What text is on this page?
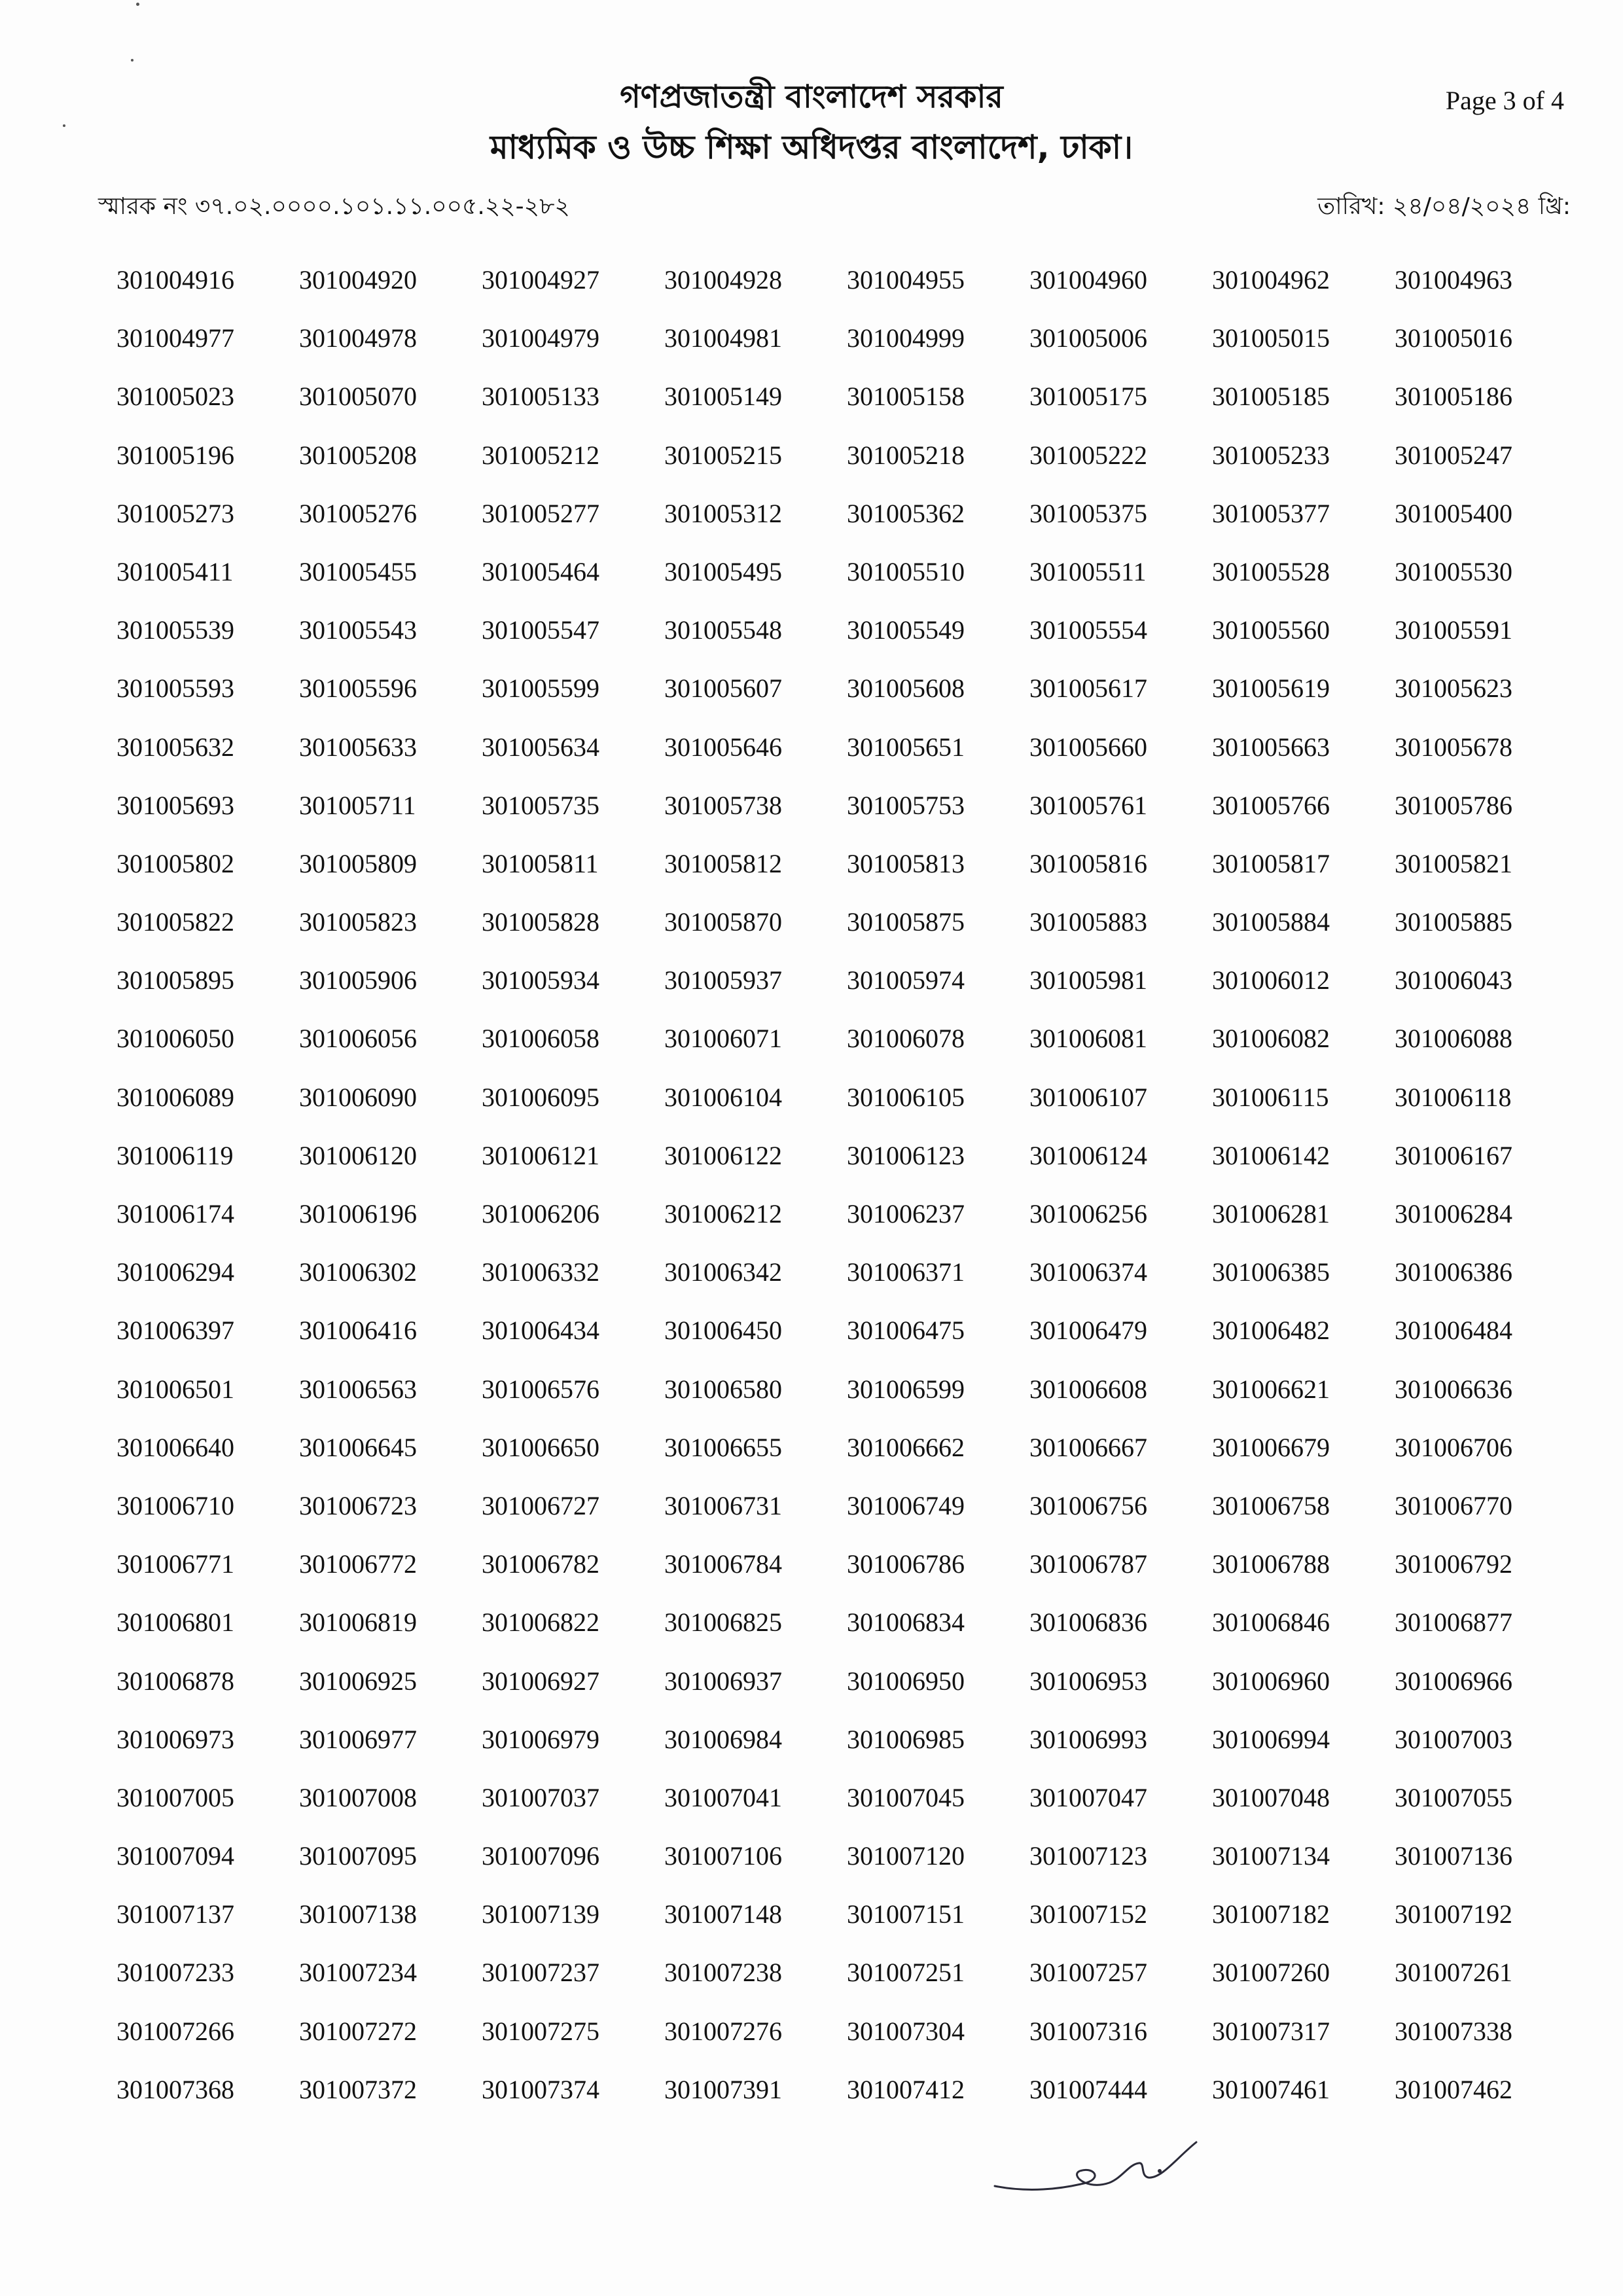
গণপ্রজাতন্ত্রী বাংলাদেশ সরকার
মাধ্যমিক ও উচ্চ শিক্ষা অধিদপ্তর বাংলাদেশ, ঢাকা।
Page 3 of 4
স্মারক নং ৩৭.০২.০০০০.১০১.১১.০০৫.২২-২৮২	তারিখ: ২৪/০৪/২০২৪ খ্রি:
301004916	301004920	301004927	301004928	301004955	301004960	301004962	301004963
301004977	301004978	301004979	301004981	301004999	301005006	301005015	301005016
301005023	301005070	301005133	301005149	301005158	301005175	301005185	301005186
301005196	301005208	301005212	301005215	301005218	301005222	301005233	301005247
301005273	301005276	301005277	301005312	301005362	301005375	301005377	301005400
301005411	301005455	301005464	301005495	301005510	301005511	301005528	301005530
301005539	301005543	301005547	301005548	301005549	301005554	301005560	301005591
301005593	301005596	301005599	301005607	301005608	301005617	301005619	301005623
301005632	301005633	301005634	301005646	301005651	301005660	301005663	301005678
301005693	301005711	301005735	301005738	301005753	301005761	301005766	301005786
301005802	301005809	301005811	301005812	301005813	301005816	301005817	301005821
301005822	301005823	301005828	301005870	301005875	301005883	301005884	301005885
301005895	301005906	301005934	301005937	301005974	301005981	301006012	301006043
301006050	301006056	301006058	301006071	301006078	301006081	301006082	301006088
301006089	301006090	301006095	301006104	301006105	301006107	301006115	301006118
301006119	301006120	301006121	301006122	301006123	301006124	301006142	301006167
301006174	301006196	301006206	301006212	301006237	301006256	301006281	301006284
301006294	301006302	301006332	301006342	301006371	301006374	301006385	301006386
301006397	301006416	301006434	301006450	301006475	301006479	301006482	301006484
301006501	301006563	301006576	301006580	301006599	301006608	301006621	301006636
301006640	301006645	301006650	301006655	301006662	301006667	301006679	301006706
301006710	301006723	301006727	301006731	301006749	301006756	301006758	301006770
301006771	301006772	301006782	301006784	301006786	301006787	301006788	301006792
301006801	301006819	301006822	301006825	301006834	301006836	301006846	301006877
301006878	301006925	301006927	301006937	301006950	301006953	301006960	301006966
301006973	301006977	301006979	301006984	301006985	301006993	301006994	301007003
301007005	301007008	301007037	301007041	301007045	301007047	301007048	301007055
301007094	301007095	301007096	301007106	301007120	301007123	301007134	301007136
301007137	301007138	301007139	301007148	301007151	301007152	301007182	301007192
301007233	301007234	301007237	301007238	301007251	301007257	301007260	301007261
301007266	301007272	301007275	301007276	301007304	301007316	301007317	301007338
301007368	301007372	301007374	301007391	301007412	301007444	301007461	301007462
